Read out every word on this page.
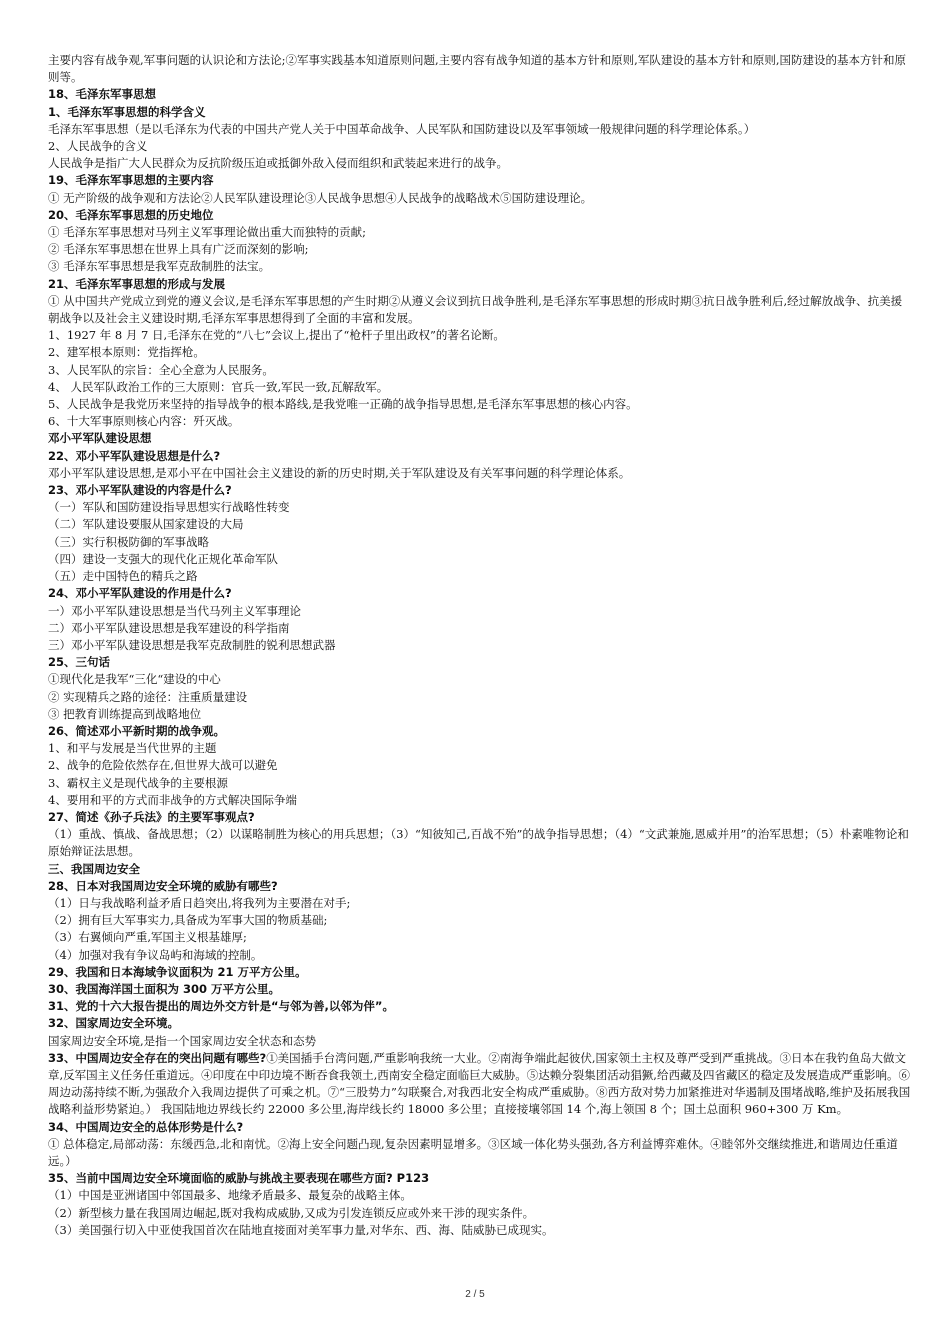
主要内容有战争观,军事问题的认识论和方法论;②军事实践基本知道原则问题,主要内容有战争知道的基本方针和原则,军队建设的基本方针和原则,国防建设的基本方针和原则等。
18、毛泽东军事思想
1、毛泽东军事思想的科学含义
毛泽东军事思想（是以毛泽东为代表的中国共产党人关于中国革命战争、人民军队和国防建设以及军事领域一般规律问题的科学理论体系。）
2、人民战争的含义
人民战争是指广大人民群众为反抗阶级压迫或抵御外敌入侵而组织和武装起来进行的战争。
19、毛泽东军事思想的主要内容
① 无产阶级的战争观和方法论②人民军队建设理论③人民战争思想④人民战争的战略战术⑤国防建设理论。
20、毛泽东军事思想的历史地位
① 毛泽东军事思想对马列主义军事理论做出重大而独特的贡献;
② 毛泽东军事思想在世界上具有广泛而深刻的影响;
③ 毛泽东军事思想是我军克敌制胜的法宝。
21、毛泽东军事思想的形成与发展
① 从中国共产党成立到党的遵义会议,是毛泽东军事思想的产生时期②从遵义会议到抗日战争胜利,是毛泽东军事思想的形成时期③抗日战争胜利后,经过解放战争、抗美援朝战争以及社会主义建设时期,毛泽东军事思想得到了全面的丰富和发展。
1、1927 年 8 月 7 日,毛泽东在党的“八七”会议上,提出了“枪杆子里出政权”的著名论断。
2、建军根本原则：党指挥枪。
3、人民军队的宗旨：全心全意为人民服务。
4、 人民军队政治工作的三大原则：官兵一致,军民一致,瓦解敌军。
5、人民战争是我党历来坚持的指导战争的根本路线,是我党唯一正确的战争指导思想,是毛泽东军事思想的核心内容。
6、十大军事原则核心内容：歼灭战。
邓小平军队建设思想
22、邓小平军队建设思想是什么?
邓小平军队建设思想,是邓小平在中国社会主义建设的新的历史时期,关于军队建设及有关军事问题的科学理论体系。
23、邓小平军队建设的内容是什么?
（一）军队和国防建设指导思想实行战略性转变
（二）军队建设要服从国家建设的大局
（三）实行积极防御的军事战略
（四）建设一支强大的现代化正规化革命军队
（五）走中国特色的精兵之路
24、邓小平军队建设的作用是什么?
一）邓小平军队建设思想是当代马列主义军事理论
二）邓小平军队建设思想是我军建设的科学指南
三）邓小平军队建设思想是我军克敌制胜的锐利思想武器
25、三句话
①现代化是我军“三化“建设的中心
② 实现精兵之路的途径：注重质量建设
③ 把教育训练提高到战略地位
26、简述邓小平新时期的战争观。
1、和平与发展是当代世界的主题
2、战争的危险依然存在,但世界大战可以避免
3、霸权主义是现代战争的主要根源
4、要用和平的方式而非战争的方式解决国际争端
27、简述《孙子兵法》的主要军事观点?
（1）重战、慎战、备战思想；（2）以谋略制胜为核心的用兵思想；（3）“知彼知己,百战不殆”的战争指导思想；（4）“文武兼施,恩威并用”的治军思想；（5）朴素唯物论和原始辩证法思想。
三、我国周边安全
28、日本对我国周边安全环境的威胁有哪些?
（1）日与我战略利益矛盾日趋突出,将我列为主要潜在对手;
（2）拥有巨大军事实力,具备成为军事大国的物质基础;
（3）右翼倾向严重,军国主义根基雄厚;
（4）加强对我有争议岛屿和海域的控制。
29、我国和日本海域争议面积为 21 万平方公里。
30、我国海洋国土面积为 300 万平方公里。
31、党的十六大报告提出的周边外交方针是“与邻为善,以邻为伴”。
32、国家周边安全环境。
国家周边安全环境,是指一个国家周边安全状态和态势
33、中国周边安全存在的突出问题有哪些?①美国插手台湾问题,严重影响我统一大业。②南海争端此起彼伏,国家领土主权及尊严受到严重挑战。③日本在我钓鱼岛大做文章,反军国主义任务任重道远。④印度在中印边境不断吞食我领土,西南安全稳定面临巨大威胁。⑤达赖分裂集团活动猖獗,给西藏及四省藏区的稳定及发展造成严重影响。⑥周边动荡持续不断,为强敌介入我周边提供了可乘之机。⑦“三股势力”勾联聚合,对我西北安全构成严重威胁。⑧西方敌对势力加紧推进对华遏制及围堵战略,维护及拓展我国战略利益形势紧迫。） 我国陆地边界线长约 22000 多公里,海岸线长约 18000 多公里；直接接壤邻国 14 个,海上领国 8 个；国土总面积 960+300 万 Km。
34、中国周边安全的总体形势是什么?
① 总体稳定,局部动荡：东缓西急,北和南忧。②海上安全问题凸现,复杂因素明显增多。③区域一体化势头强劲,各方利益博弈难休。④睦邻外交继续推进,和谐周边任重道远。）
35、当前中国周边安全环境面临的威胁与挑战主要表现在哪些方面? P123
（1）中国是亚洲诸国中邻国最多、地缘矛盾最多、最复杂的战略主体。
（2）新型核力量在我国周边崛起,既对我构成威胁,又成为引发连锁反应或外来干涉的现实条件。
（3）美国强行切入中亚使我国首次在陆地直接面对美军事力量,对华东、西、海、陆威胁已成现实。
2 / 5
